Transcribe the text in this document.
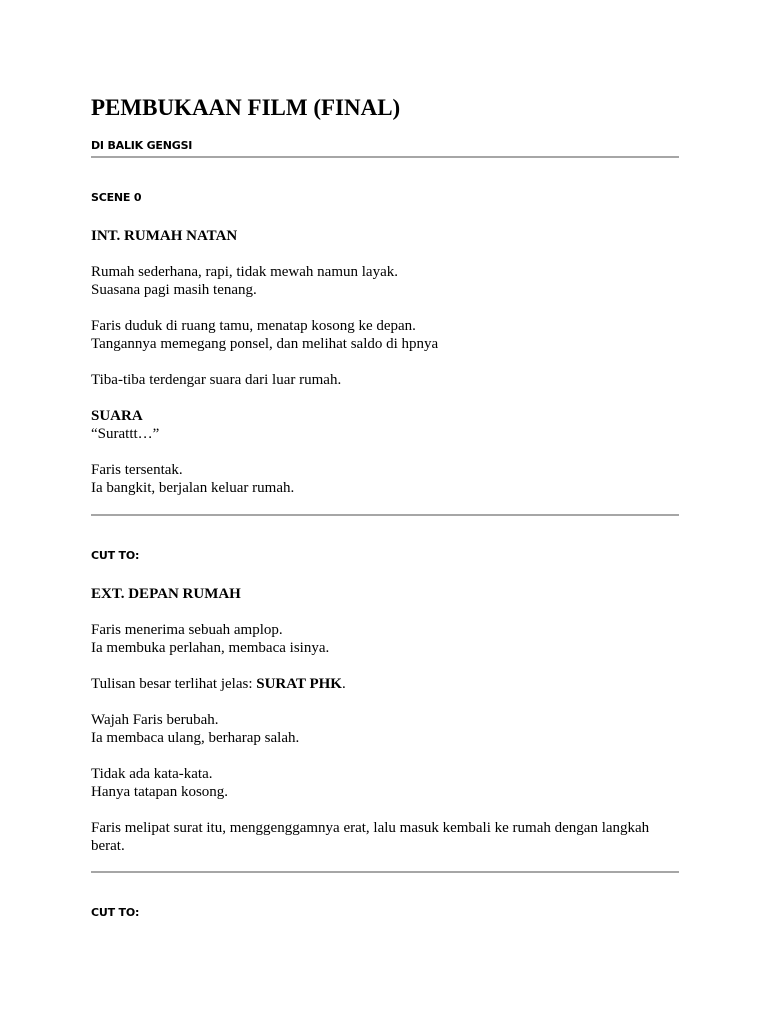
PEMBUKAAN FILM (FINAL)
DI BALIK GENGSI
SCENE 0
INT. RUMAH NATAN
Rumah sederhana, rapi, tidak mewah namun layak.
Suasana pagi masih tenang.
Faris duduk di ruang tamu, menatap kosong ke depan.
Tangannya memegang ponsel, dan melihat saldo di hpnya
Tiba-tiba terdengar suara dari luar rumah.
SUARA
“Surattt…”
Faris tersentak.
Ia bangkit, berjalan keluar rumah.
CUT TO:
EXT. DEPAN RUMAH
Faris menerima sebuah amplop.
Ia membuka perlahan, membaca isinya.
Tulisan besar terlihat jelas: SURAT PHK.
Wajah Faris berubah.
Ia membaca ulang, berharap salah.
Tidak ada kata-kata.
Hanya tatapan kosong.
Faris melipat surat itu, menggenggamnya erat, lalu masuk kembali ke rumah dengan langkah berat.
CUT TO:
